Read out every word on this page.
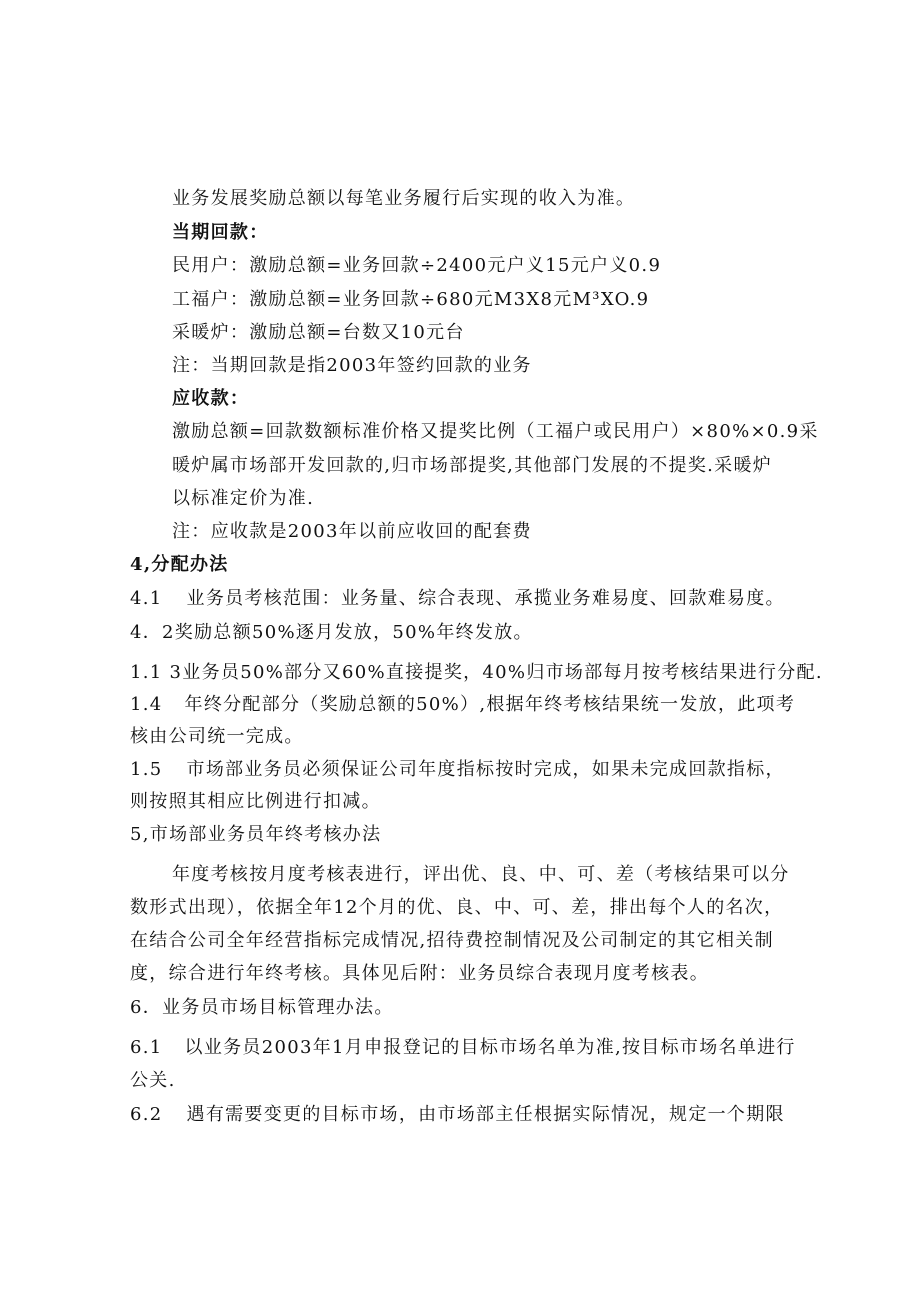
业务发展奖励总额以每笔业务履行后实现的收入为准。
当期回款：
民用户：激励总额=业务回款÷2400元户义15元户义0.9
工福户：激励总额=业务回款÷680元M3X8元M³XO.9
采暖炉：激励总额=台数又10元台
注：当期回款是指2003年签约回款的业务
应收款：
激励总额=回款数额标准价格又提奖比例（工福户或民用户）×80%×0.9采
暖炉属市场部开发回款的,归市场部提奖,其他部门发展的不提奖.采暖炉
以标准定价为准.
注：应收款是2003年以前应收回的配套费
4,分配办法
4.1 业务员考核范围：业务量、综合表现、承揽业务难易度、回款难易度。
4．2奖励总额50%逐月发放，50%年终发放。
1.1 3业务员50%部分又60%直接提奖，40%归市场部每月按考核结果进行分配.
1.4 年终分配部分（奖励总额的50%）,根据年终考核结果统一发放，此项考
核由公司统一完成。
1.5 市场部业务员必须保证公司年度指标按时完成，如果未完成回款指标，
则按照其相应比例进行扣减。
5,市场部业务员年终考核办法
年度考核按月度考核表进行，评出优、良、中、可、差（考核结果可以分
数形式出现），依据全年12个月的优、良、中、可、差，排出每个人的名次，
在结合公司全年经营指标完成情况,招待费控制情况及公司制定的其它相关制
度，综合进行年终考核。具体见后附：业务员综合表现月度考核表。
6．业务员市场目标管理办法。
6.1 以业务员2003年1月申报登记的目标市场名单为准,按目标市场名单进行
公关.
6.2 遇有需要变更的目标市场，由市场部主任根据实际情况，规定一个期限
